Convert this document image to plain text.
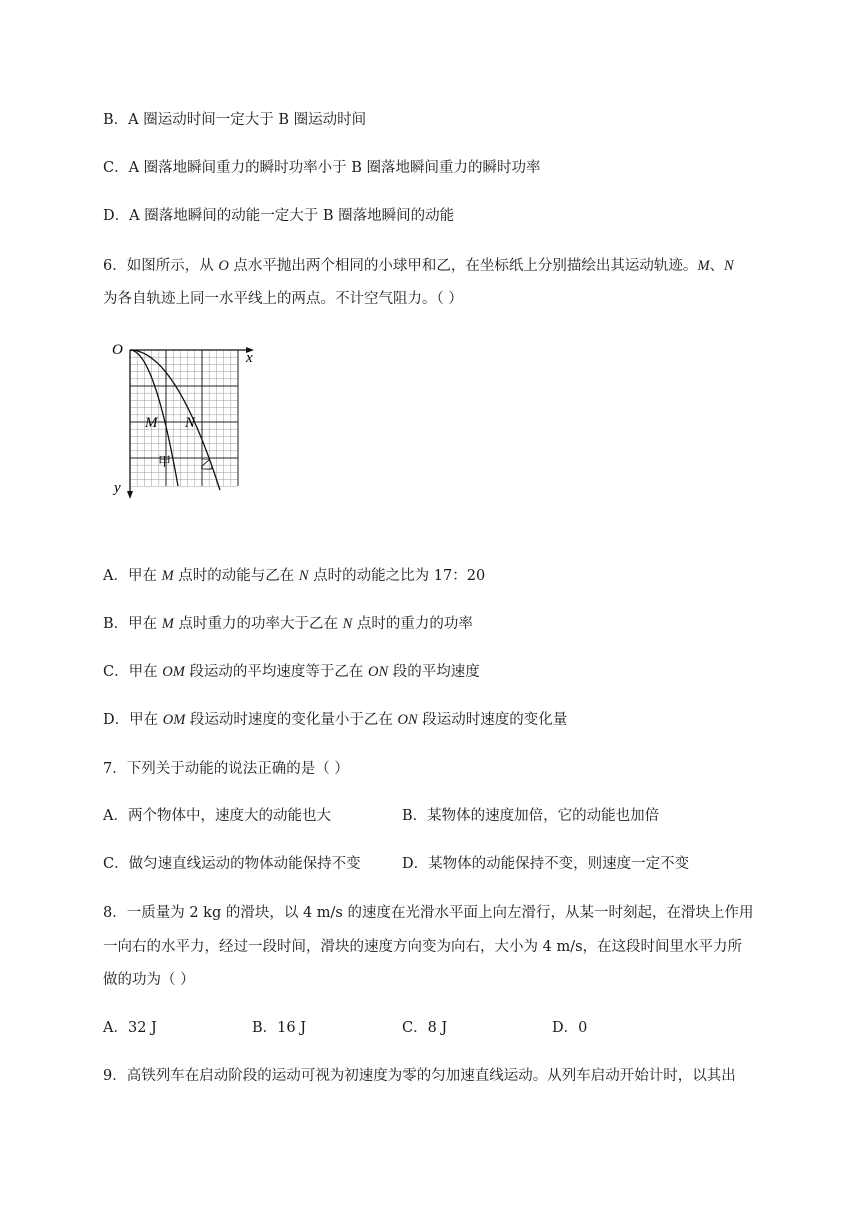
B．A 圈运动时间一定大于 B 圈运动时间
C．A 圈落地瞬间重力的瞬时功率小于 B 圈落地瞬间重力的瞬时功率
D．A 圈落地瞬间的动能一定大于 B 圈落地瞬间的动能
6．如图所示，从 O 点水平抛出两个相同的小球甲和乙，在坐标纸上分别描绘出其运动轨迹。M、N
为各自轨迹上同一水平线上的两点。不计空气阻力。（ ）
O	x
y
M N
甲 乙
A．甲在 M 点时的动能与乙在 N 点时的动能之比为 17：20
B．甲在 M 点时重力的功率大于乙在 N 点时的重力的功率
C．甲在 OM 段运动的平均速度等于乙在 ON 段的平均速度
D．甲在 OM 段运动时速度的变化量小于乙在 ON 段运动时速度的变化量
7．下列关于动能的说法正确的是（ ）
A．两个物体中，速度大的动能也大	B．某物体的速度加倍，它的动能也加倍
C．做匀速直线运动的物体动能保持不变	D．某物体的动能保持不变，则速度一定不变
8．一质量为 2 kg 的滑块，以 4 m/s 的速度在光滑水平面上向左滑行，从某一时刻起，在滑块上作用
一向右的水平力，经过一段时间，滑块的速度方向变为向右，大小为 4 m/s，在这段时间里水平力所
做的功为（ ）
A．32 J	B．16 J	C．8 J	D．0
9．高铁列车在启动阶段的运动可视为初速度为零的匀加速直线运动。从列车启动开始计时，以其出
